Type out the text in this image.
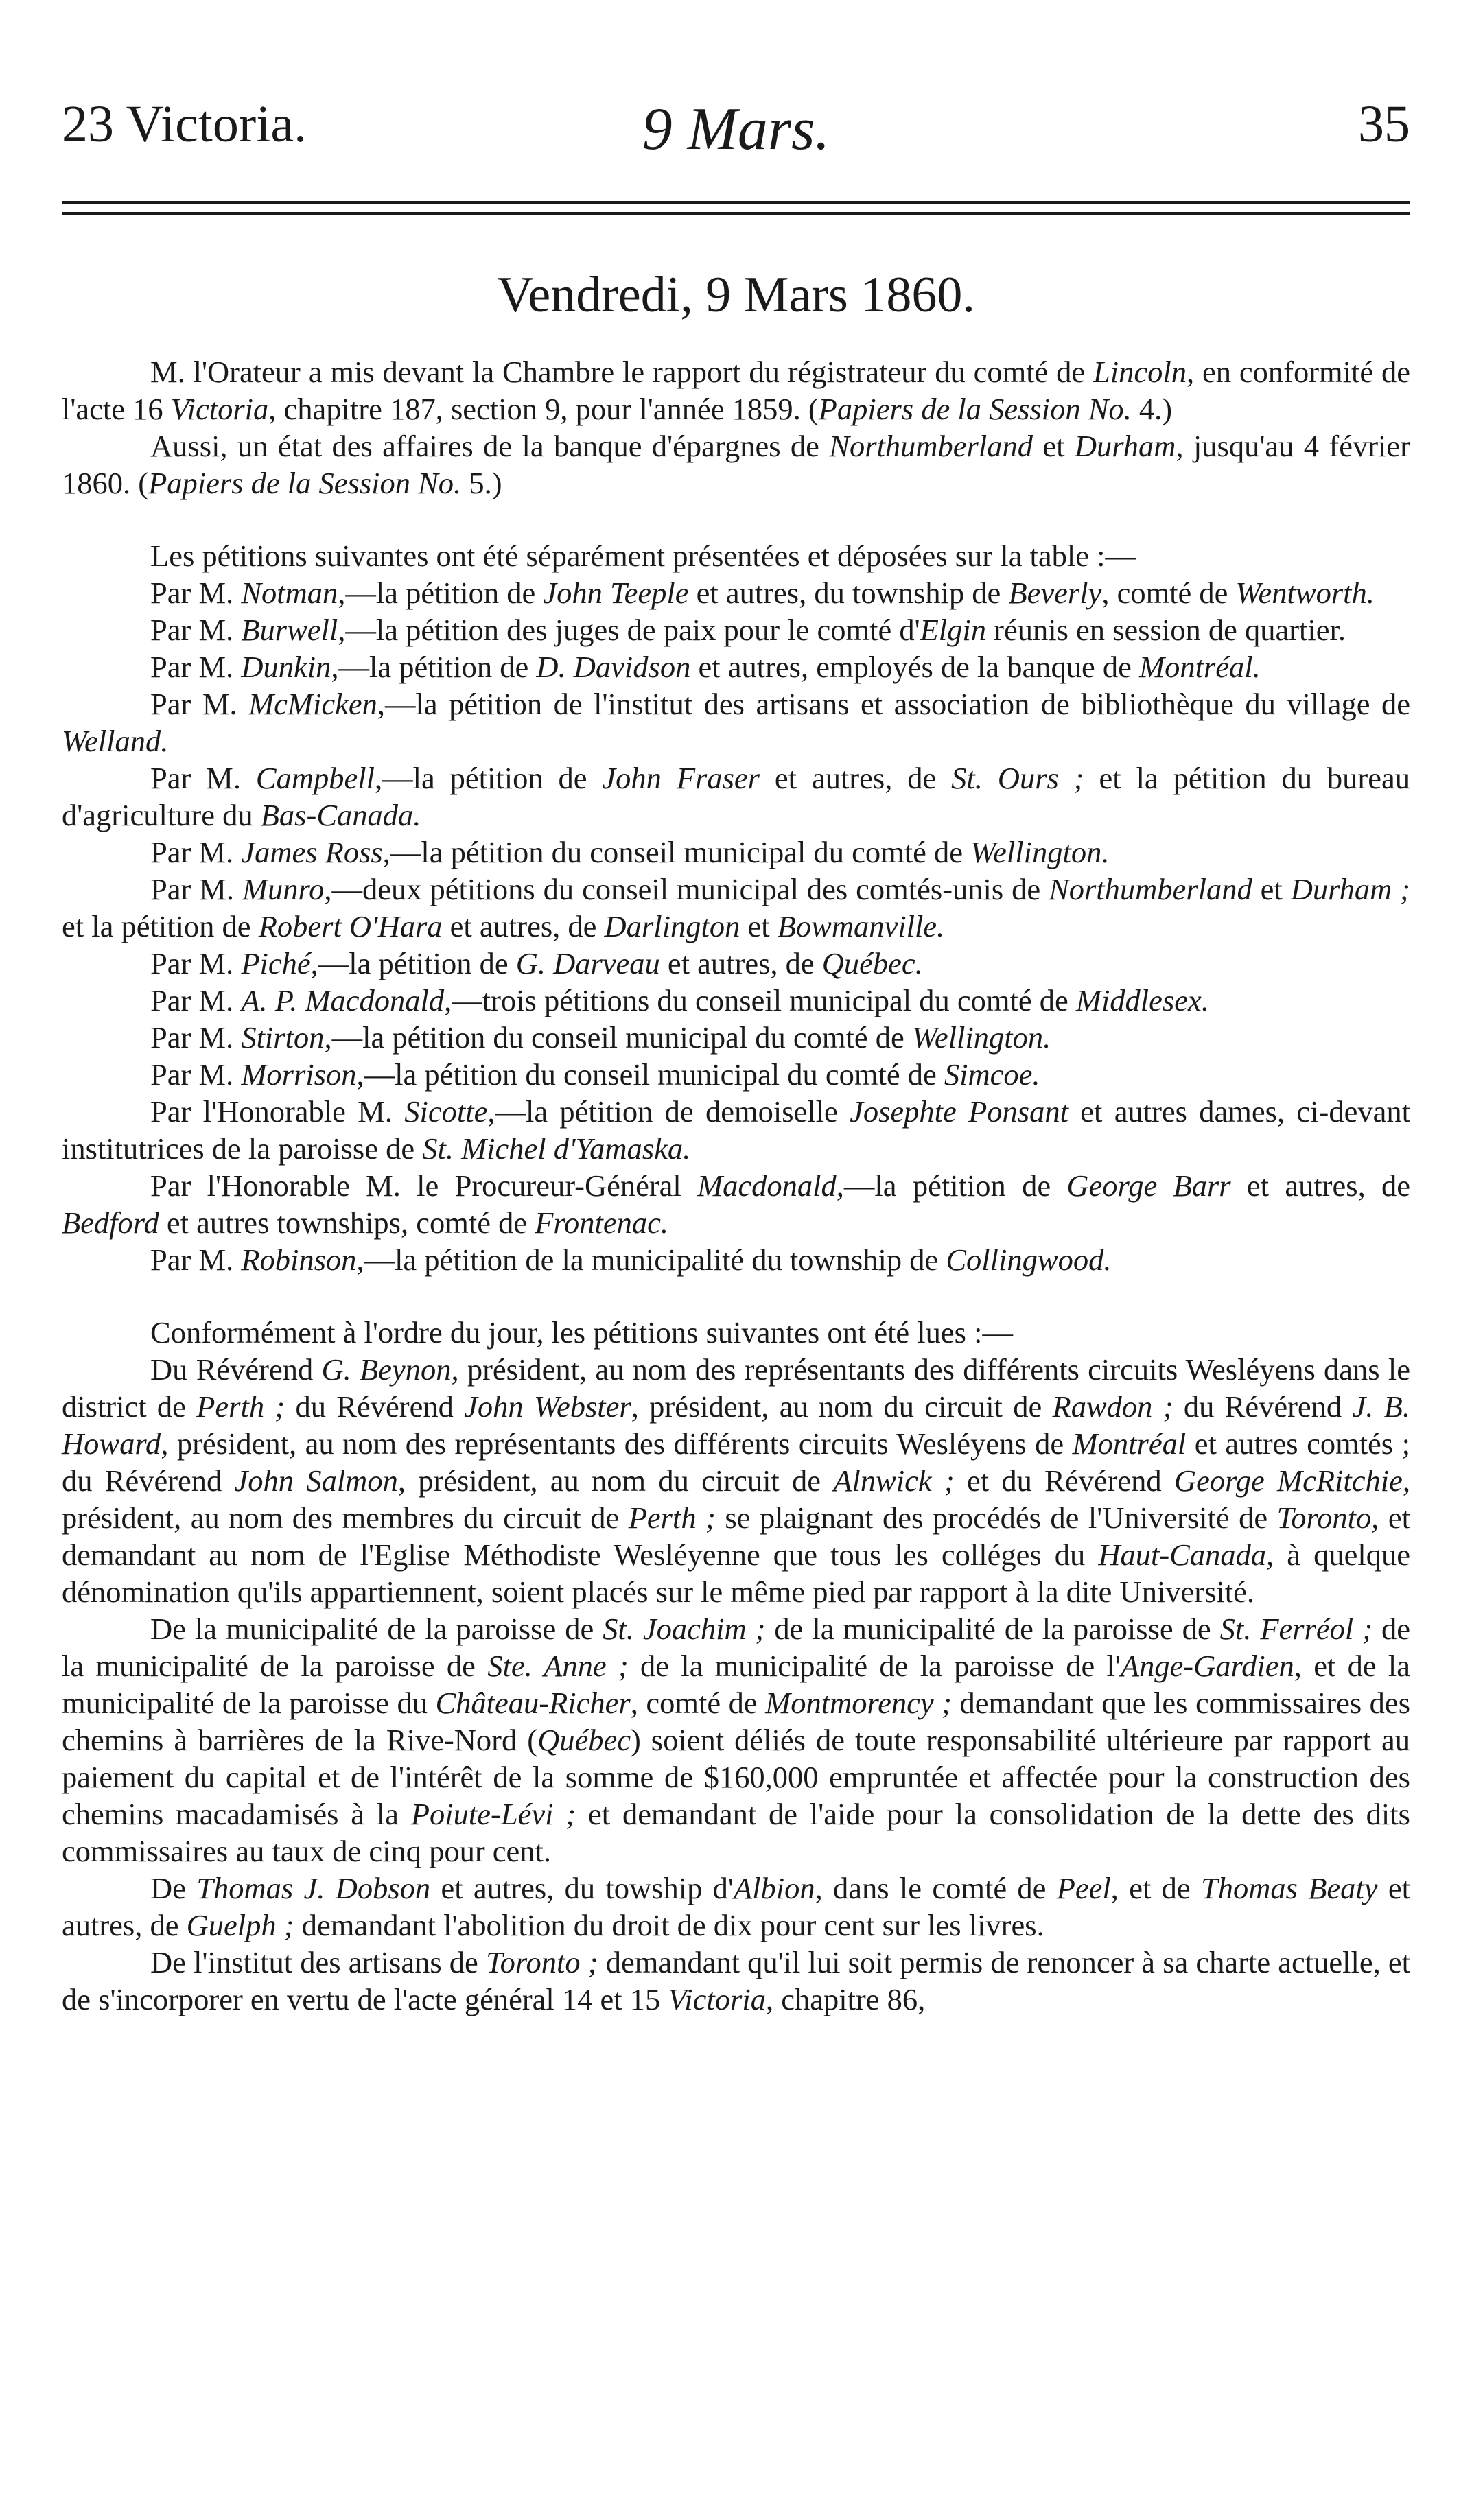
23 Victoria.	9 Mars.	35
Vendredi, 9 Mars 1860.

M. l'Orateur a mis devant la Chambre le rapport du régistrateur du comté de Lincoln, en conformité de l'acte 16 Victoria, chapitre 187, section 9, pour l'année 1859. (Papiers de la Session No. 4.)

Aussi, un état des affaires de la banque d'épargnes de Northumberland et Durham, jusqu'au 4 février 1860. (Papiers de la Session No. 5.)

Les pétitions suivantes ont été séparément présentées et déposées sur la table :—

Par M. Notman,—la pétition de John Teeple et autres, du township de Beverly, comté de Wentworth.

Par M. Burwell,—la pétition des juges de paix pour le comté d'Elgin réunis en session de quartier.

Par M. Dunkin,—la pétition de D. Davidson et autres, employés de la banque de Montréal.

Par M. McMicken,—la pétition de l'institut des artisans et association de bibliothèque du village de Welland.

Par M. Campbell,—la pétition de John Fraser et autres, de St. Ours ; et la pétition du bureau d'agriculture du Bas-Canada.

Par M. James Ross,—la pétition du conseil municipal du comté de Wellington.

Par M. Munro,—deux pétitions du conseil municipal des comtés-unis de Northumberland et Durham ; et la pétition de Robert O'Hara et autres, de Darlington et Bowmanville.

Par M. Piché,—la pétition de G. Darveau et autres, de Québec.

Par M. A. P. Macdonald,—trois pétitions du conseil municipal du comté de Middlesex.

Par M. Stirton,—la pétition du conseil municipal du comté de Wellington.

Par M. Morrison,—la pétition du conseil municipal du comté de Simcoe.

Par l'Honorable M. Sicotte,—la pétition de demoiselle Josephte Ponsant et autres dames, ci-devant institutrices de la paroisse de St. Michel d'Yamaska.

Par l'Honorable M. le Procureur-Général Macdonald,—la pétition de George Barr et autres, de Bedford et autres townships, comté de Frontenac.

Par M. Robinson,—la pétition de la municipalité du township de Collingwood.

Conformément à l'ordre du jour, les pétitions suivantes ont été lues :—

Du Révérend G. Beynon, président, au nom des représentants des différents circuits Wesléyens dans le district de Perth ; du Révérend John Webster, président, au nom du circuit de Rawdon ; du Révérend J. B. Howard, président, au nom des représentants des différents circuits Wesléyens de Montréal et autres comtés ; du Révérend John Salmon, président, au nom du circuit de Alnwick ; et du Révérend George McRitchie, président, au nom des membres du circuit de Perth ; se plaignant des procédés de l'Université de Toronto, et demandant au nom de l'Eglise Méthodiste Wesléyenne que tous les colléges du Haut-Canada, à quelque dénomination qu'ils appartiennent, soient placés sur le même pied par rapport à la dite Université.

De la municipalité de la paroisse de St. Joachim ; de la municipalité de la paroisse de St. Ferréol ; de la municipalité de la paroisse de Ste. Anne ; de la municipalité de la paroisse de l'Ange-Gardien, et de la municipalité de la paroisse du Château-Richer, comté de Montmorency ; demandant que les commissaires des chemins à barrières de la Rive-Nord (Québec) soient déliés de toute responsabilité ultérieure par rapport au paiement du capital et de l'intérêt de la somme de $160,000 empruntée et affectée pour la construction des chemins macadamisés à la Poiute-Lévi ; et demandant de l'aide pour la consolidation de la dette des dits commissaires au taux de cinq pour cent.

De Thomas J. Dobson et autres, du towship d'Albion, dans le comté de Peel, et de Thomas Beaty et autres, de Guelph ; demandant l'abolition du droit de dix pour cent sur les livres.

De l'institut des artisans de Toronto ; demandant qu'il lui soit permis de renoncer à sa charte actuelle, et de s'incorporer en vertu de l'acte général 14 et 15 Victoria, chapitre 86,
